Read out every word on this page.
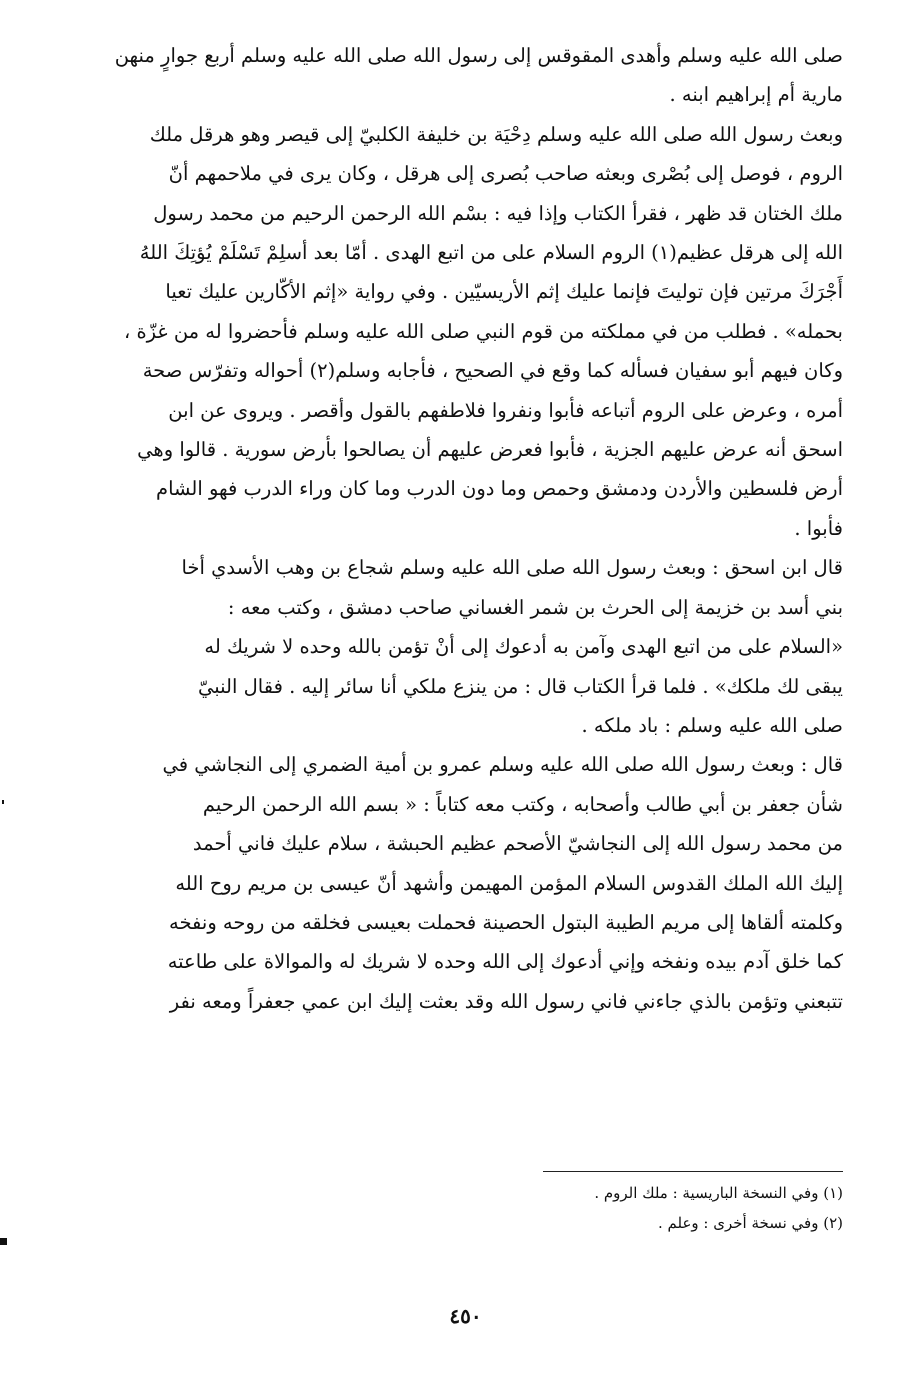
صلى الله عليه وسلم وأهدى المقوقس إلى رسول الله صلى الله عليه وسلم أربع جوارٍ منهن
مارية أم إبراهيم ابنه .
وبعث رسول الله صلى الله عليه وسلم دِحْيَة بن خليفة الكلبيّ إلى قيصر وهو هرقل ملك
الروم ، فوصل إلى بُصْرى وبعثه صاحب بُصرى إلى هرقل ، وكان يرى في ملاحمهم أنّ
ملك الختان قد ظهر ، فقرأ الكتاب وإذا فيه : بسْم الله الرحمن الرحيم من محمد رسول
الله إلى هرقل عظيم(١) الروم السلام على من اتبع الهدى . أمّا بعد أسلِمْ تَسْلَمْ يُؤتِكَ اللهُ
أَجْرَكَ مرتين فإن توليتَ فإنما عليك إثم الأريسيّين . وفي رواية «إثم الأكّارين عليك تعيا
بحمله» . فطلب من في مملكته من قوم النبي صلى الله عليه وسلم فأحضروا له من غزّة ،
وكان فيهم أبو سفيان فسأله كما وقع في الصحيح ، فأجابه وسلم(٢) أحواله وتفرّس صحة
أمره ، وعرض على الروم أتباعه فأبوا ونفروا فلاطفهم بالقول وأقصر . ويروى عن ابن
اسحق أنه عرض عليهم الجزية ، فأبوا فعرض عليهم أن يصالحوا بأرض سورية . قالوا وهي
أرض فلسطين والأردن ودمشق وحمص وما دون الدرب وما كان وراء الدرب فهو الشام
فأبوا .
قال ابن اسحق : وبعث رسول الله صلى الله عليه وسلم شجاع بن وهب الأسدي أخا
بني أسد بن خزيمة إلى الحرث بن شمر الغساني صاحب دمشق ، وكتب معه :
«السلام على من اتبع الهدى وآمن به أدعوك إلى أنْ تؤمن بالله وحده لا شريك له
يبقى لك ملكك» . فلما قرأ الكتاب قال : من ينزع ملكي أنا سائر إليه . فقال النبيّ
صلى الله عليه وسلم : باد ملكه .
قال : وبعث رسول الله صلى الله عليه وسلم عمرو بن أمية الضمري إلى النجاشي في
شأن جعفر بن أبي طالب وأصحابه ، وكتب معه كتاباً : « بسم الله الرحمن الرحيم
من محمد رسول الله إلى النجاشيّ الأصحم عظيم الحبشة ، سلام عليك فاني أحمد
إليك الله الملك القدوس السلام المؤمن المهيمن وأشهد أنّ عيسى بن مريم روح الله
وكلمته ألقاها إلى مريم الطيبة البتول الحصينة فحملت بعيسى فخلقه من روحه ونفخه
كما خلق آدم بيده ونفخه وإني أدعوك إلى الله وحده لا شريك له والموالاة على طاعته
تتبعني وتؤمن بالذي جاءني فاني رسول الله وقد بعثت إليك ابن عمي جعفراً ومعه نفر
(١) وفي النسخة الباريسية : ملك الروم .
(٢) وفي نسخة أخرى : وعلم .
٤٥٠
